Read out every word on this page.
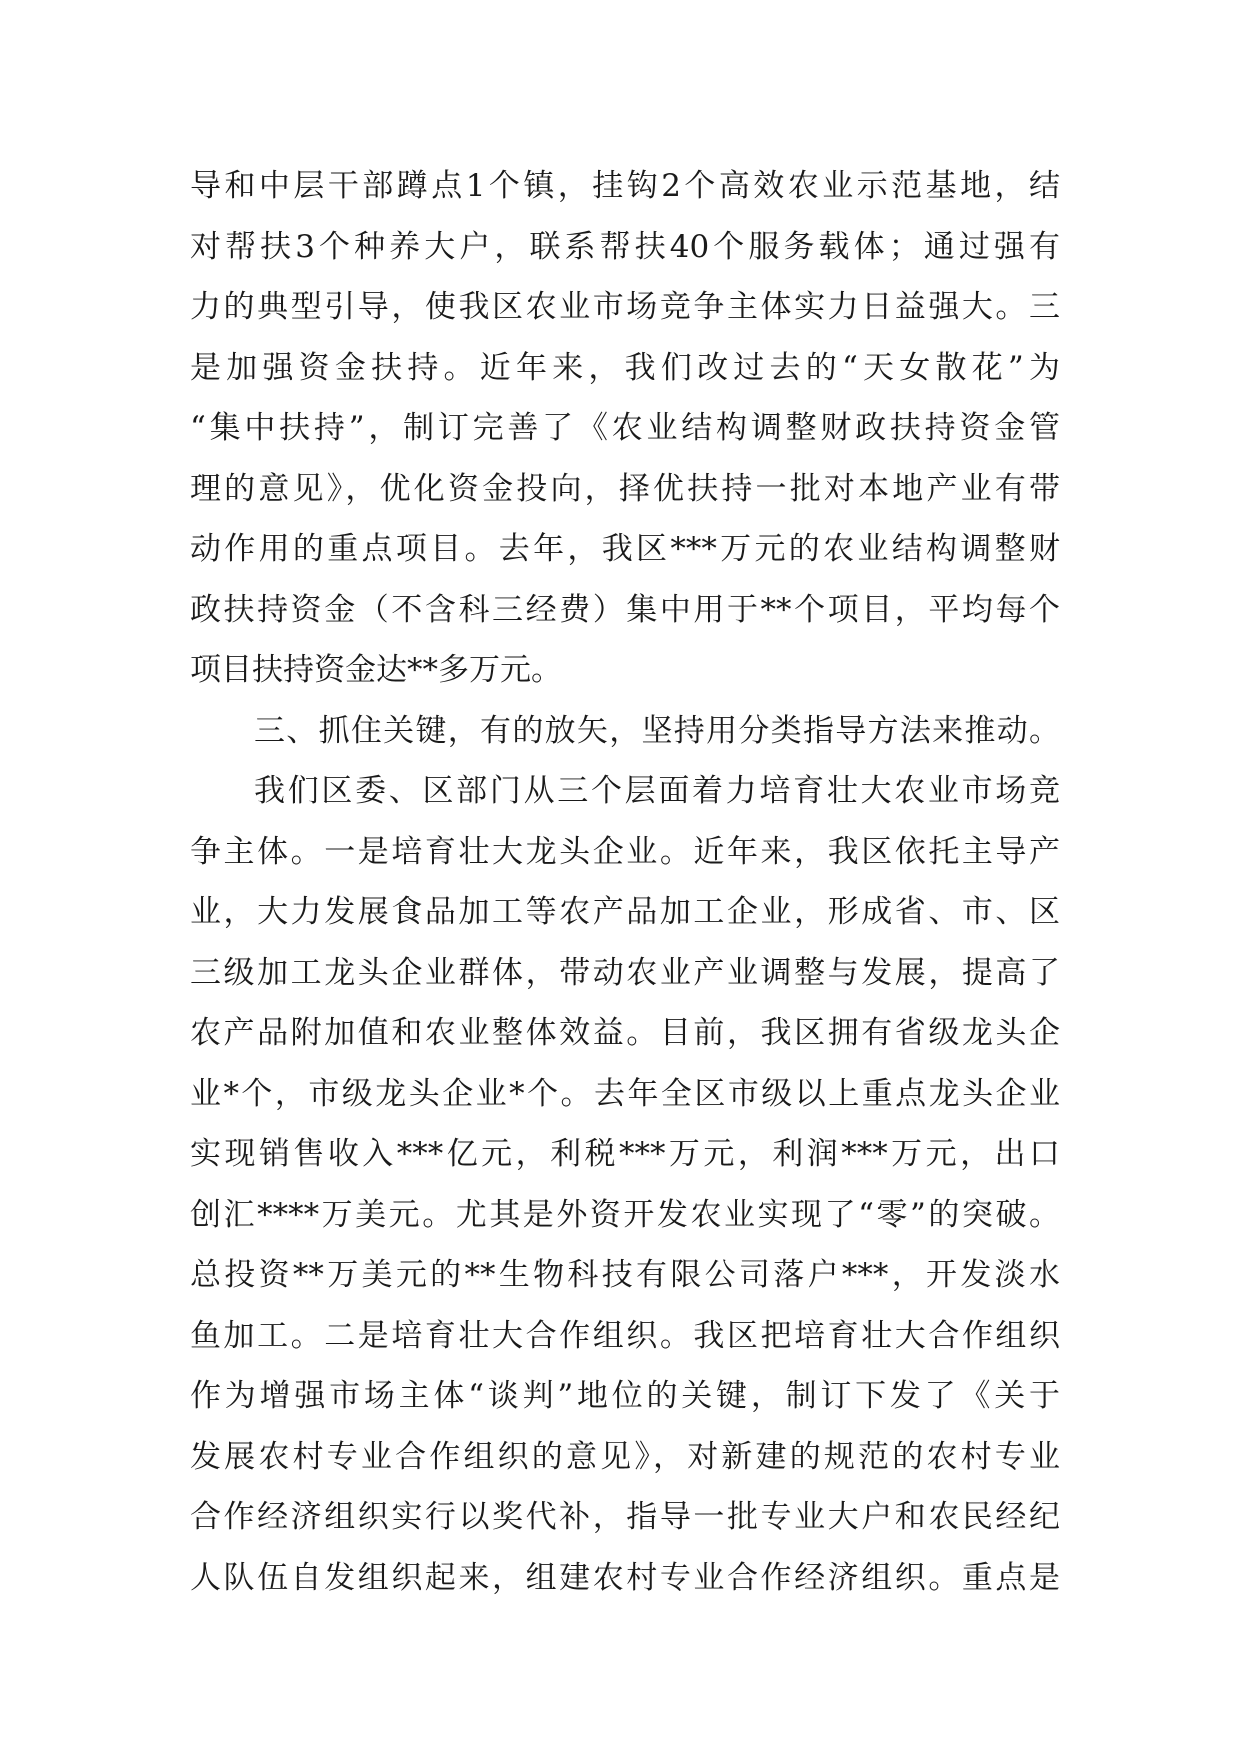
导和中层干部蹲点1个镇，挂钩2个高效农业示范基地，结
对帮扶3个种养大户，联系帮扶40个服务载体；通过强有
力的典型引导，使我区农业市场竞争主体实力日益强大。三
是加强资金扶持。近年来，我们改过去的“天女散花”为
“集中扶持”，制订完善了《农业结构调整财政扶持资金管
理的意见》，优化资金投向，择优扶持一批对本地产业有带
动作用的重点项目。去年，我区***万元的农业结构调整财
政扶持资金（不含科三经费）集中用于**个项目，平均每个
项目扶持资金达**多万元。
三、抓住关键，有的放矢，坚持用分类指导方法来推动。
我们区委、区部门从三个层面着力培育壮大农业市场竞
争主体。一是培育壮大龙头企业。近年来，我区依托主导产
业，大力发展食品加工等农产品加工企业，形成省、市、区
三级加工龙头企业群体，带动农业产业调整与发展，提高了
农产品附加值和农业整体效益。目前，我区拥有省级龙头企
业*个，市级龙头企业*个。去年全区市级以上重点龙头企业
实现销售收入***亿元，利税***万元，利润***万元，出口
创汇****万美元。尤其是外资开发农业实现了“零”的突破。
总投资**万美元的**生物科技有限公司落户***，开发淡水
鱼加工。二是培育壮大合作组织。我区把培育壮大合作组织
作为增强市场主体“谈判”地位的关键，制订下发了《关于
发展农村专业合作组织的意见》，对新建的规范的农村专业
合作经济组织实行以奖代补，指导一批专业大户和农民经纪
人队伍自发组织起来，组建农村专业合作经济组织。重点是
